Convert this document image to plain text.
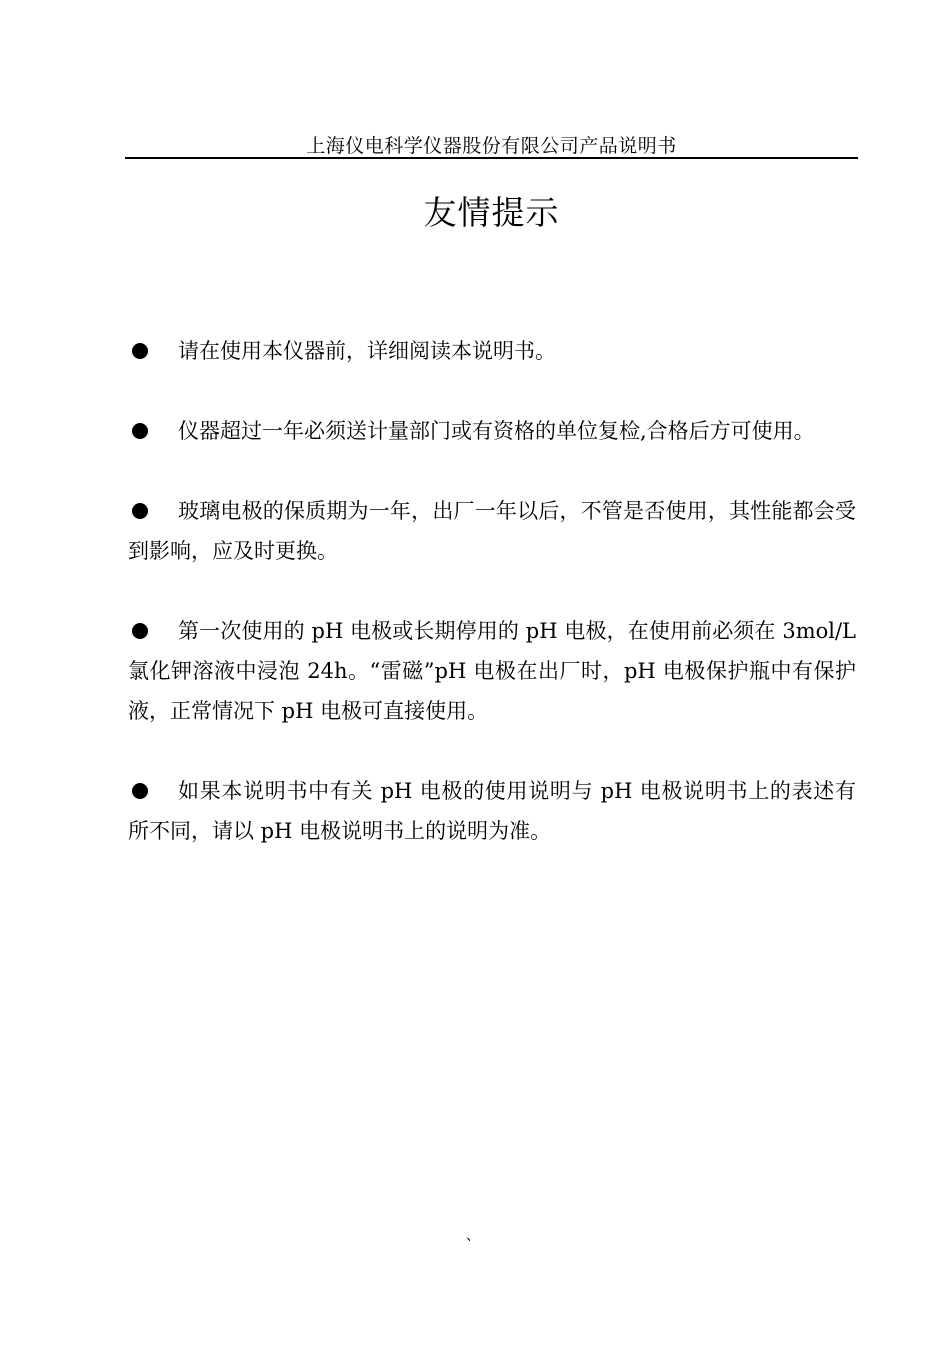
上海仪电科学仪器股份有限公司产品说明书
友情提示
请在使用本仪器前，详细阅读本说明书。
仪器超过一年必须送计量部门或有资格的单位复检,合格后方可使用。
玻璃电极的保质期为一年，出厂一年以后，不管是否使用，其性能都会受到影响，应及时更换。
第一次使用的 pH 电极或长期停用的 pH 电极，在使用前必须在 3mol/L 氯化钾溶液中浸泡 24h。“雷磁”pH 电极在出厂时，pH 电极保护瓶中有保护液，正常情况下 pH 电极可直接使用。
如果本说明书中有关 pH 电极的使用说明与 pH 电极说明书上的表述有所不同，请以 pH 电极说明书上的说明为准。
、
